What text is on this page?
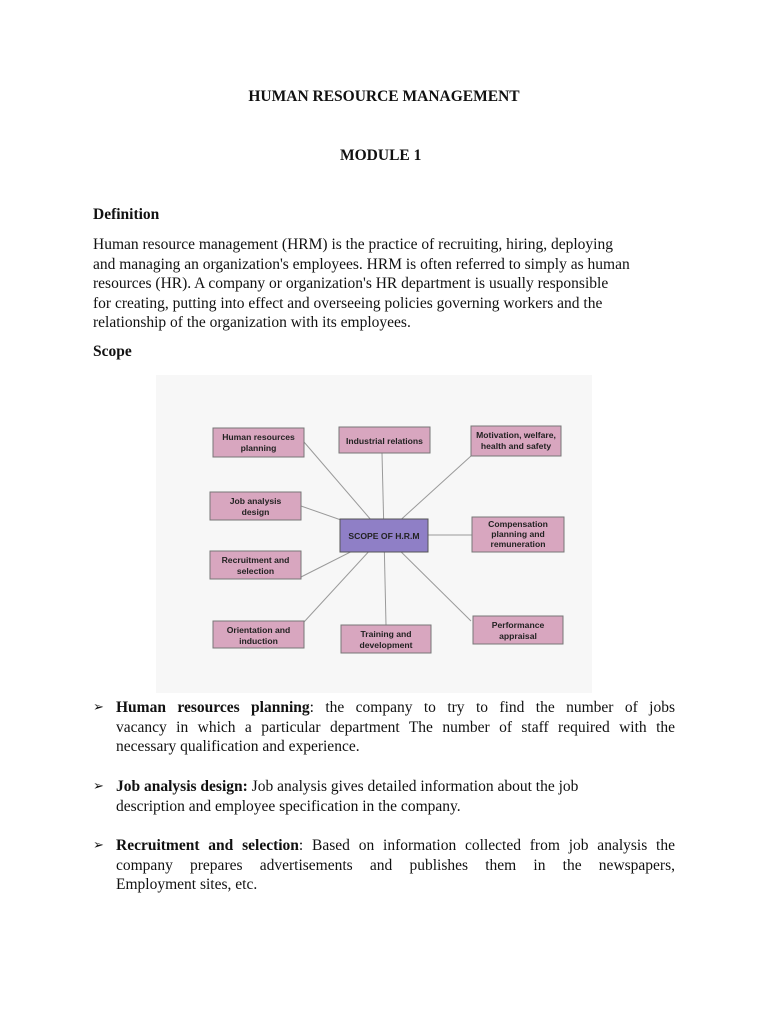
HUMAN RESOURCE MANAGEMENT
MODULE 1
Definition
Human resource management (HRM) is the practice of recruiting, hiring, deploying
and managing an organization's employees. HRM is often referred to simply as human
resources (HR). A company or organization's HR department is usually responsible
for creating, putting into effect and overseeing policies governing workers and the
relationship of the organization with its employees.
Scope
SCOPE OF H.R.M
Human resources
planning
Industrial relations
Motivation, welfare,
health and safety
Job analysis
design
Compensation
planning and
remuneration
Recruitment and
selection
Orientation and
induction
Training and
development
Performance
appraisal
➢ Human resources planning: the company to try to find the number of jobs
vacancy in which a particular department The number of staff required with the
necessary qualification and experience.
➢ Job analysis design: Job analysis gives detailed information about the job
description and employee specification in the company.
➢ Recruitment and selection: Based on information collected from job analysis the
company prepares advertisements and publishes them in the newspapers,
Employment sites, etc.
